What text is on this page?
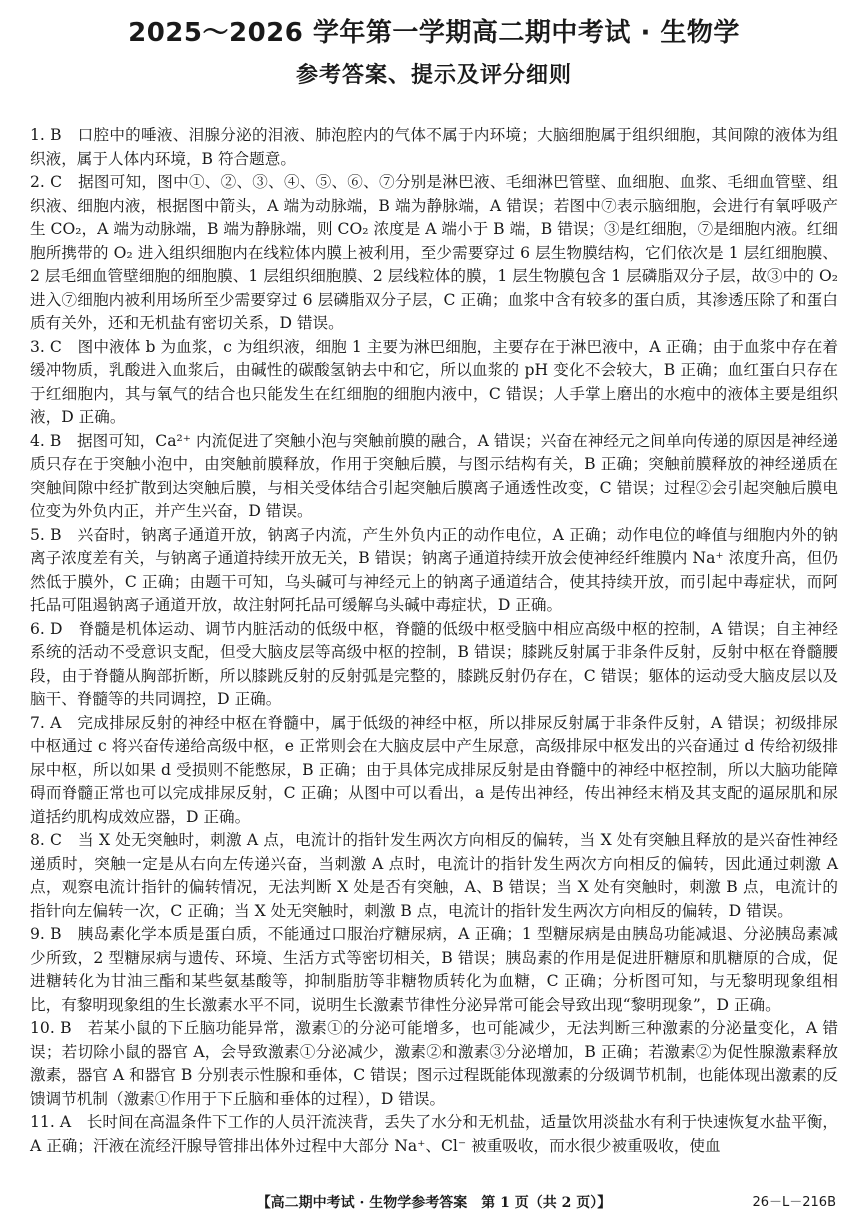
2025～2026 学年第一学期高二期中考试 · 生物学
参考答案、提示及评分细则

1. B　口腔中的唾液、泪腺分泌的泪液、肺泡腔内的气体不属于内环境；大脑细胞属于组织细胞，其间隙的液体为组织液，属于人体内环境，B 符合题意。

2. C　据图可知，图中①、②、③、④、⑤、⑥、⑦分别是淋巴液、毛细淋巴管壁、血细胞、血浆、毛细血管壁、组织液、细胞内液，根据图中箭头，A 端为动脉端，B 端为静脉端，A 错误；若图中⑦表示脑细胞，会进行有氧呼吸产生 CO₂，A 端为动脉端，B 端为静脉端，则 CO₂ 浓度是 A 端小于 B 端，B 错误；③是红细胞，⑦是细胞内液。红细胞所携带的 O₂ 进入组织细胞内在线粒体内膜上被利用，至少需要穿过 6 层生物膜结构，它们依次是 1 层红细胞膜、2 层毛细血管壁细胞的细胞膜、1 层组织细胞膜、2 层线粒体的膜，1 层生物膜包含 1 层磷脂双分子层，故③中的 O₂ 进入⑦细胞内被利用场所至少需要穿过 6 层磷脂双分子层，C 正确；血浆中含有较多的蛋白质，其渗透压除了和蛋白质有关外，还和无机盐有密切关系，D 错误。

3. C　图中液体 b 为血浆，c 为组织液，细胞 1 主要为淋巴细胞，主要存在于淋巴液中，A 正确；由于血浆中存在着缓冲物质，乳酸进入血浆后，由碱性的碳酸氢钠去中和它，所以血浆的 pH 变化不会较大，B 正确；血红蛋白只存在于红细胞内，其与氧气的结合也只能发生在红细胞的细胞内液中，C 错误；人手掌上磨出的水疱中的液体主要是组织液，D 正确。

4. B　据图可知，Ca²⁺ 内流促进了突触小泡与突触前膜的融合，A 错误；兴奋在神经元之间单向传递的原因是神经递质只存在于突触小泡中，由突触前膜释放，作用于突触后膜，与图示结构有关，B 正确；突触前膜释放的神经递质在突触间隙中经扩散到达突触后膜，与相关受体结合引起突触后膜离子通透性改变，C 错误；过程②会引起突触后膜电位变为外负内正，并产生兴奋，D 错误。

5. B　兴奋时，钠离子通道开放，钠离子内流，产生外负内正的动作电位，A 正确；动作电位的峰值与细胞内外的钠离子浓度差有关，与钠离子通道持续开放无关，B 错误；钠离子通道持续开放会使神经纤维膜内 Na⁺ 浓度升高，但仍然低于膜外，C 正确；由题干可知，乌头碱可与神经元上的钠离子通道结合，使其持续开放，而引起中毒症状，而阿托品可阻遏钠离子通道开放，故注射阿托品可缓解乌头碱中毒症状，D 正确。

6. D　脊髓是机体运动、调节内脏活动的低级中枢，脊髓的低级中枢受脑中相应高级中枢的控制，A 错误；自主神经系统的活动不受意识支配，但受大脑皮层等高级中枢的控制，B 错误；膝跳反射属于非条件反射，反射中枢在脊髓腰段，由于脊髓从胸部折断，所以膝跳反射的反射弧是完整的，膝跳反射仍存在，C 错误；躯体的运动受大脑皮层以及脑干、脊髓等的共同调控，D 正确。

7. A　完成排尿反射的神经中枢在脊髓中，属于低级的神经中枢，所以排尿反射属于非条件反射，A 错误；初级排尿中枢通过 c 将兴奋传递给高级中枢，e 正常则会在大脑皮层中产生尿意，高级排尿中枢发出的兴奋通过 d 传给初级排尿中枢，所以如果 d 受损则不能憋尿，B 正确；由于具体完成排尿反射是由脊髓中的神经中枢控制，所以大脑功能障碍而脊髓正常也可以完成排尿反射，C 正确；从图中可以看出，a 是传出神经，传出神经末梢及其支配的逼尿肌和尿道括约肌构成效应器，D 正确。

8. C　当 X 处无突触时，刺激 A 点，电流计的指针发生两次方向相反的偏转，当 X 处有突触且释放的是兴奋性神经递质时，突触一定是从右向左传递兴奋，当刺激 A 点时，电流计的指针发生两次方向相反的偏转，因此通过刺激 A 点，观察电流计指针的偏转情况，无法判断 X 处是否有突触，A、B 错误；当 X 处有突触时，刺激 B 点，电流计的指针向左偏转一次，C 正确；当 X 处无突触时，刺激 B 点，电流计的指针发生两次方向相反的偏转，D 错误。

9. B　胰岛素化学本质是蛋白质，不能通过口服治疗糖尿病，A 正确；1 型糖尿病是由胰岛功能减退、分泌胰岛素减少所致，2 型糖尿病与遗传、环境、生活方式等密切相关，B 错误；胰岛素的作用是促进肝糖原和肌糖原的合成，促进糖转化为甘油三酯和某些氨基酸等，抑制脂肪等非糖物质转化为血糖，C 正确；分析图可知，与无黎明现象组相比，有黎明现象组的生长激素水平不同，说明生长激素节律性分泌异常可能会导致出现“黎明现象”，D 正确。

10. B　若某小鼠的下丘脑功能异常，激素①的分泌可能增多，也可能减少，无法判断三种激素的分泌量变化，A 错误；若切除小鼠的器官 A，会导致激素①分泌减少，激素②和激素③分泌增加，B 正确；若激素②为促性腺激素释放激素，器官 A 和器官 B 分别表示性腺和垂体，C 错误；图示过程既能体现激素的分级调节机制，也能体现出激素的反馈调节机制（激素①作用于下丘脑和垂体的过程），D 错误。

11. A　长时间在高温条件下工作的人员汗流浃背，丢失了水分和无机盐，适量饮用淡盐水有利于快速恢复水盐平衡，A 正确；汗液在流经汗腺导管排出体外过程中大部分 Na⁺、Cl⁻ 被重吸收，而水很少被重吸收，使血

【高二期中考试 · 生物学参考答案　第 1 页（共 2 页）】	26－L－216B
